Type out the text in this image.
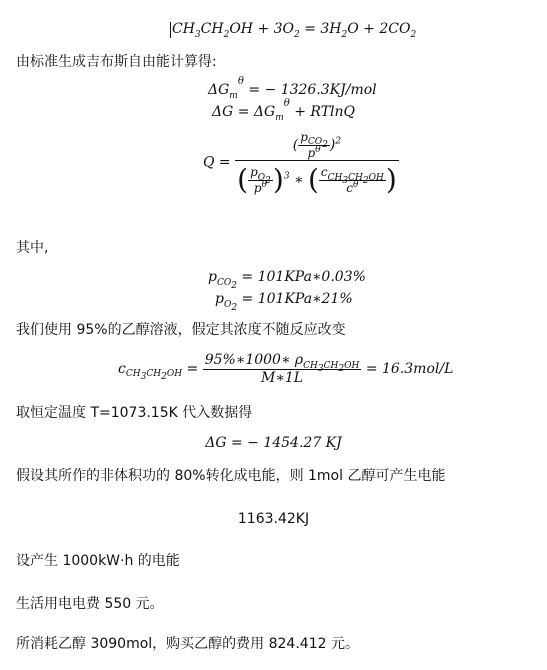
$CH_3CH_2OH + 3O_2 = 3H_2O + 2CO_2$
由标准生成吉布斯自由能计算得:
$\Delta G_m^\theta$ = − 1326.3KJ/mol
$\Delta G = \Delta G_m^\theta + RTlnQ$
$Q = \frac{( \frac{p_{CO_2}}{p^\theta} )^2}{( \frac{p_{O_2}}{p^\theta} )^3 ∗ ( \frac{c_{CH_3CH_2OH}}{c^\theta} )}$
其中,
$p_{CO_2}$ = 101KPa∗0.03%
$p_{O_2}$ = 101KPa∗21%
我们使用 95%的乙醇溶液，假定其浓度不随反应改变
$c_{CH_3CH_2OH} = \frac{95\%∗1000∗ \rho_{CH_3CH_2OH}}{M∗1L} = 16.3mol/L$
取恒定温度 T=1073.15K 代入数据得
ΔG = − 1454.27 KJ
假设其所作的非体积功的 80%转化成电能，则 1mol 乙醇可产生电能
1163.42KJ
设产生 1000kW·h 的电能
生活用电电费 550 元。
所消耗乙醇 3090mol，购买乙醇的费用 824.412 元。
